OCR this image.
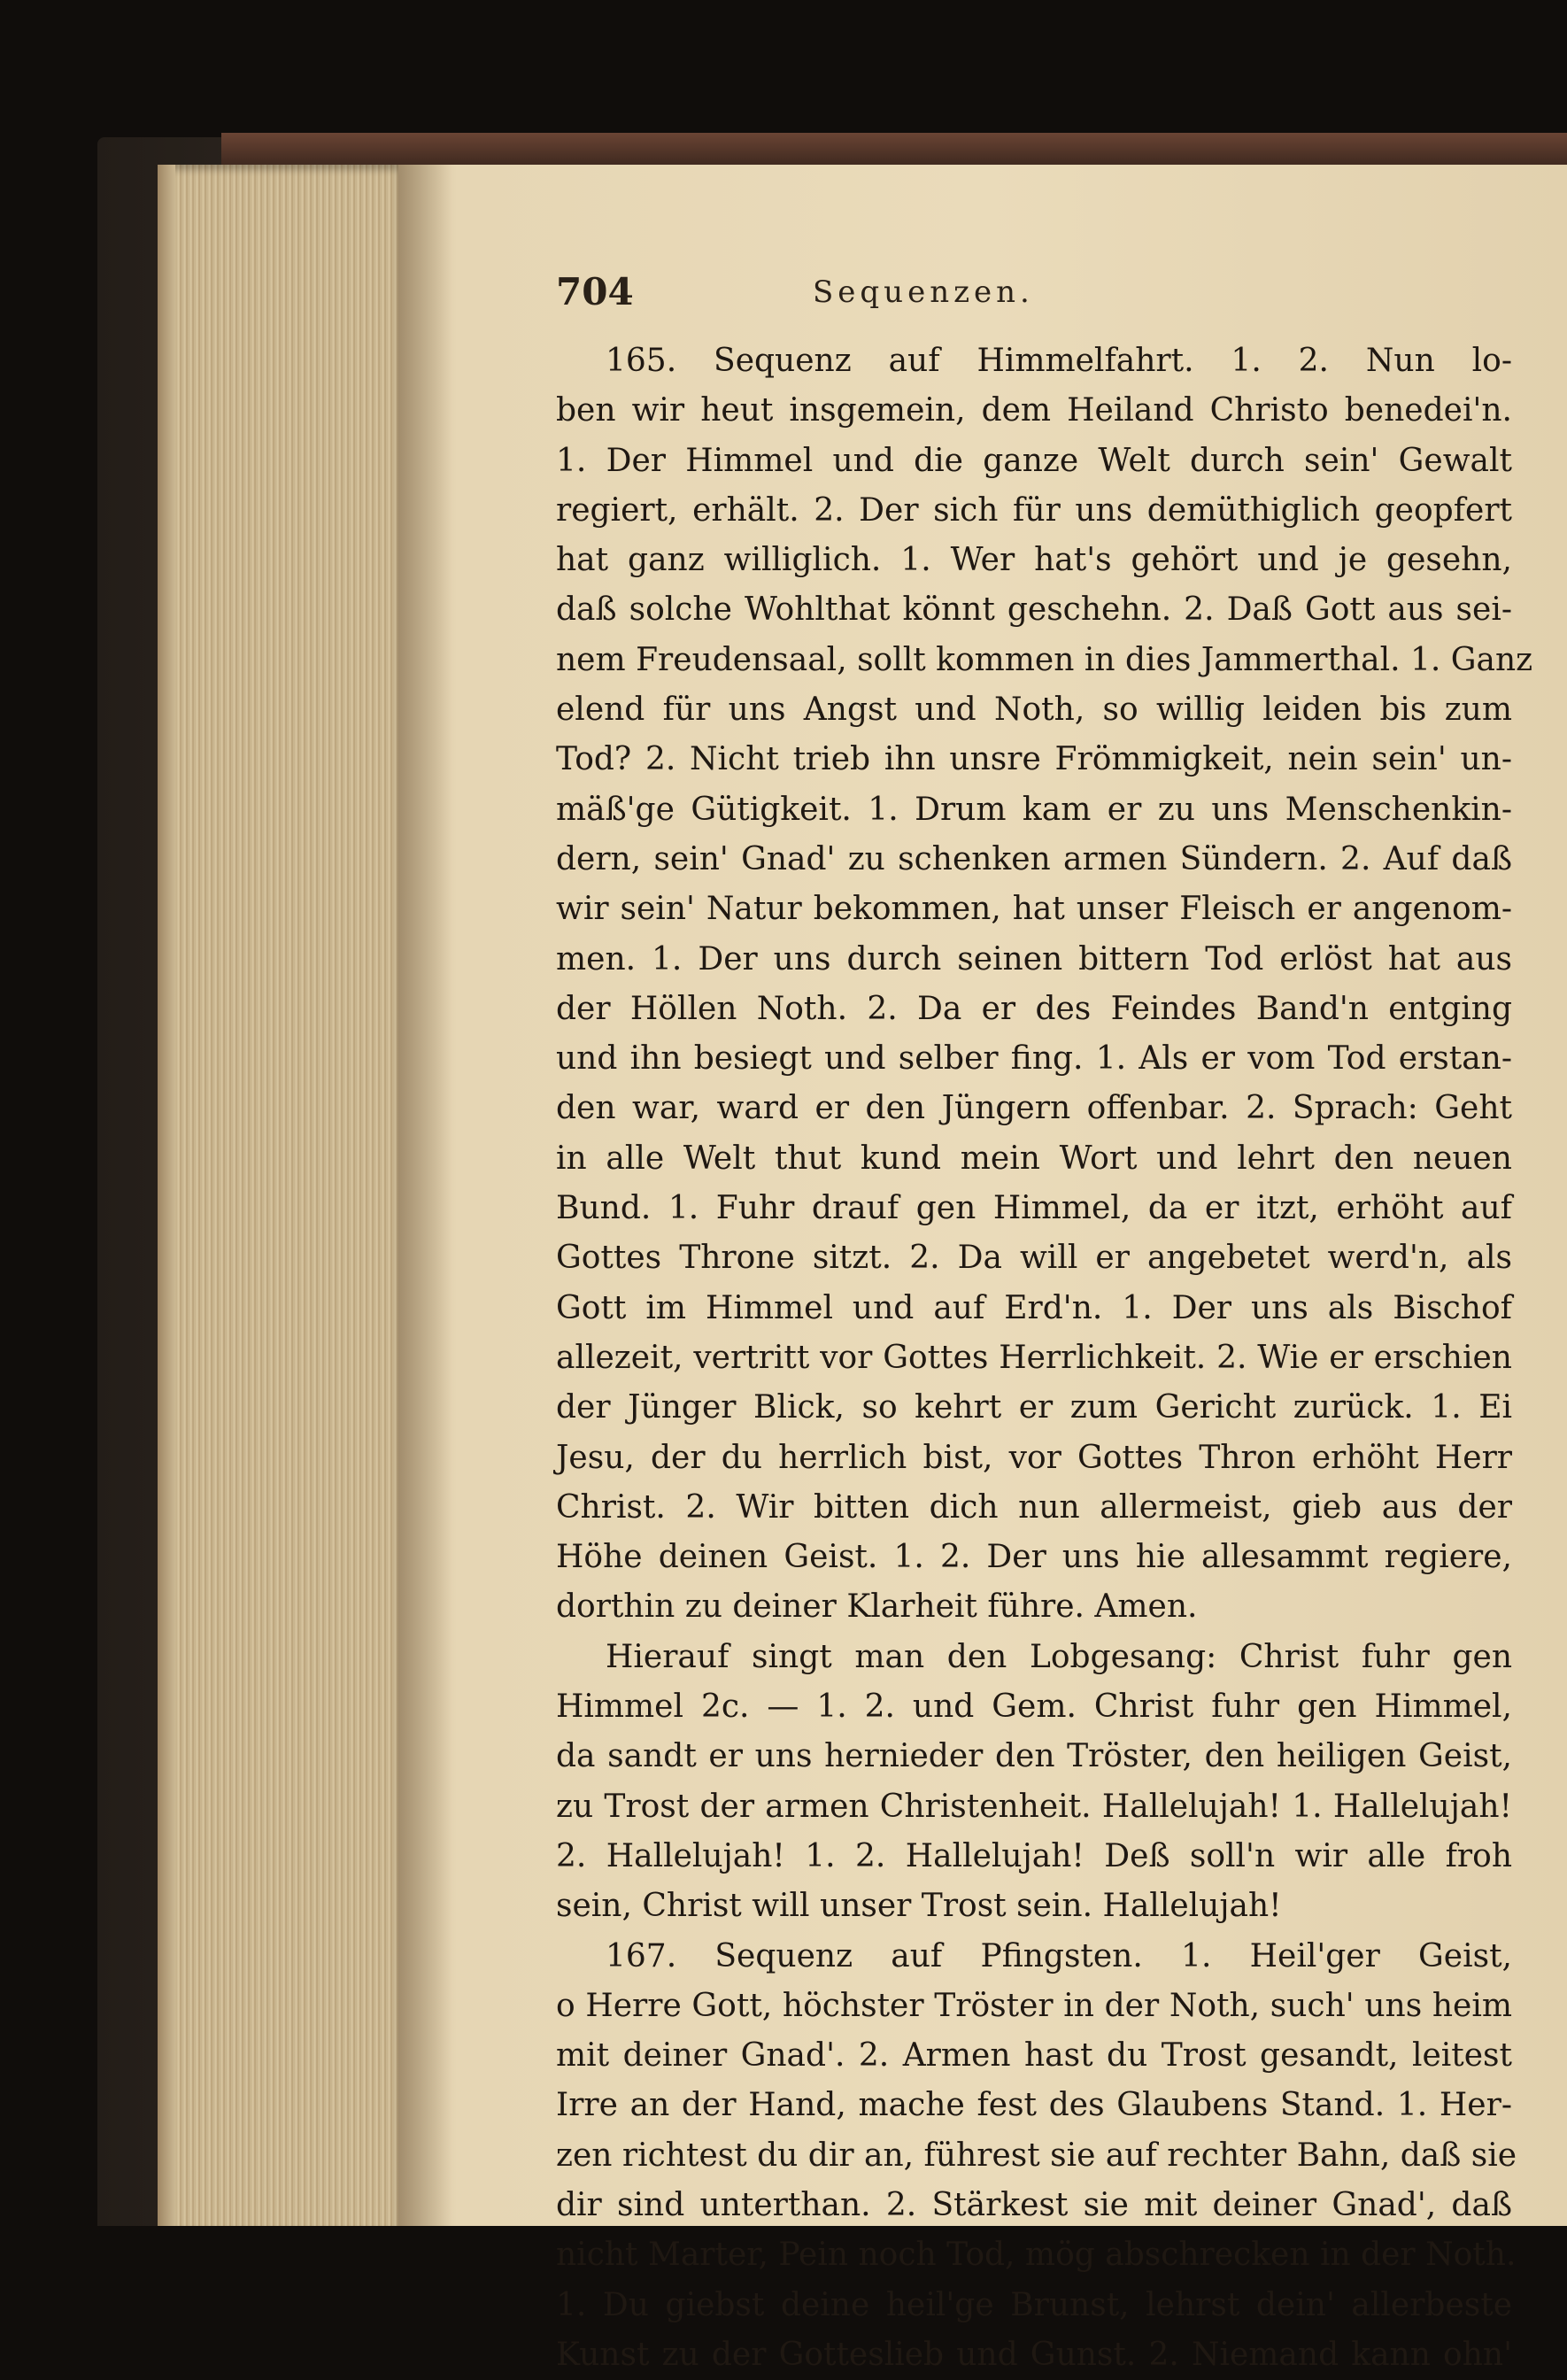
704	Sequenzen.
165. Sequenz auf Himmelfahrt. 1. 2. Nun lo-
ben wir heut insgemein, dem Heiland Christo benedei'n.
1. Der Himmel und die ganze Welt durch sein' Gewalt
regiert, erhält. 2. Der sich für uns demüthiglich geopfert
hat ganz williglich. 1. Wer hat's gehört und je gesehn,
daß solche Wohlthat könnt geschehn. 2. Daß Gott aus sei-
nem Freudensaal, sollt kommen in dies Jammerthal. 1. Ganz
elend für uns Angst und Noth, so willig leiden bis zum
Tod? 2. Nicht trieb ihn unsre Frömmigkeit, nein sein' un-
mäß'ge Gütigkeit. 1. Drum kam er zu uns Menschenkin-
dern, sein' Gnad' zu schenken armen Sündern. 2. Auf daß
wir sein' Natur bekommen, hat unser Fleisch er angenom-
men. 1. Der uns durch seinen bittern Tod erlöst hat aus
der Höllen Noth. 2. Da er des Feindes Band'n entging
und ihn besiegt und selber fing. 1. Als er vom Tod erstan-
den war, ward er den Jüngern offenbar. 2. Sprach: Geht
in alle Welt thut kund mein Wort und lehrt den neuen
Bund. 1. Fuhr drauf gen Himmel, da er itzt, erhöht auf
Gottes Throne sitzt. 2. Da will er angebetet werd'n, als
Gott im Himmel und auf Erd'n. 1. Der uns als Bischof
allezeit, vertritt vor Gottes Herrlichkeit. 2. Wie er erschien
der Jünger Blick, so kehrt er zum Gericht zurück. 1. Ei
Jesu, der du herrlich bist, vor Gottes Thron erhöht Herr
Christ. 2. Wir bitten dich nun allermeist, gieb aus der
Höhe deinen Geist. 1. 2. Der uns hie allesammt regiere,
dorthin zu deiner Klarheit führe. Amen.
Hierauf singt man den Lobgesang: Christ fuhr gen
Himmel 2c. — 1. 2. und Gem. Christ fuhr gen Himmel,
da sandt er uns hernieder den Tröster, den heiligen Geist,
zu Trost der armen Christenheit. Hallelujah! 1. Hallelujah!
2. Hallelujah! 1. 2. Hallelujah! Deß soll'n wir alle froh
sein, Christ will unser Trost sein. Hallelujah!
167. Sequenz auf Pfingsten. 1. Heil'ger Geist,
o Herre Gott, höchster Tröster in der Noth, such' uns heim
mit deiner Gnad'. 2. Armen hast du Trost gesandt, leitest
Irre an der Hand, mache fest des Glaubens Stand. 1. Her-
zen richtest du dir an, führest sie auf rechter Bahn, daß sie
dir sind unterthan. 2. Stärkest sie mit deiner Gnad', daß
nicht Marter, Pein noch Tod, mög abschrecken in der Noth.
1. Du giebst deine heil'ge Brunst, lehrst dein' allerbeste
Kunst zu der Gotteslieb und Gunst. 2. Niemand kann ohn'
